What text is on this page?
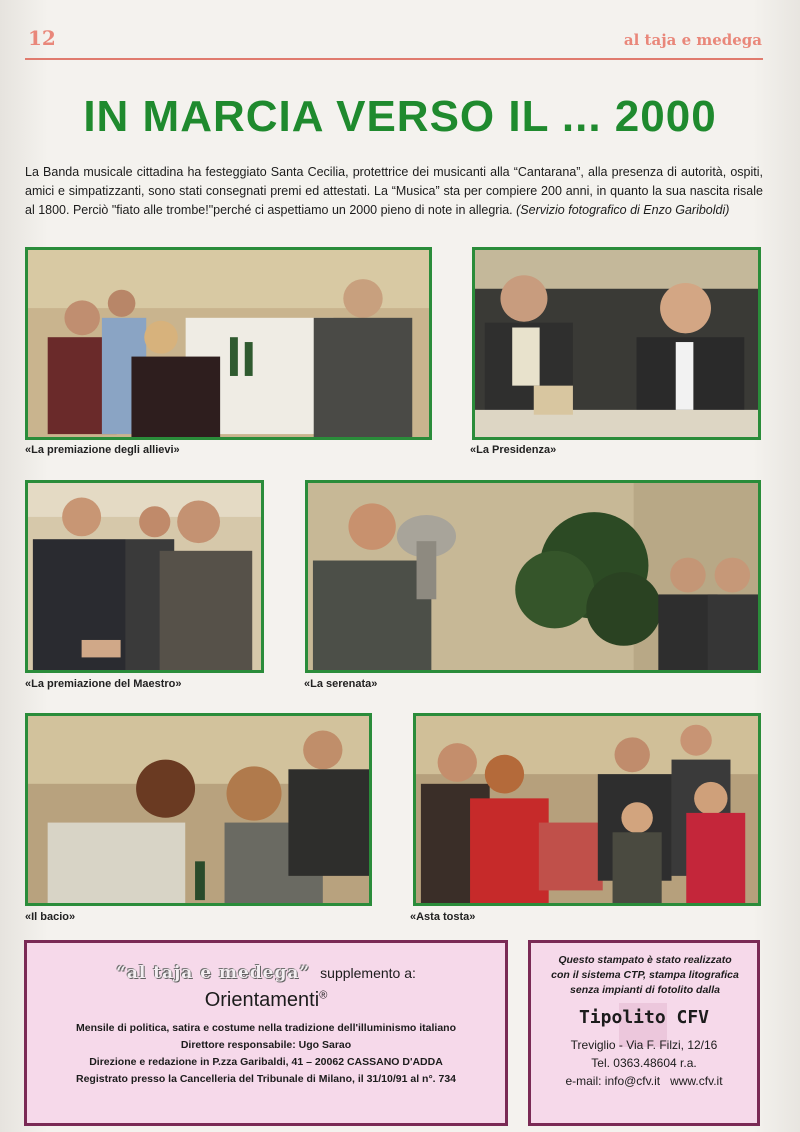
12	al taja e medega
IN MARCIA VERSO IL ... 2000
La Banda musicale cittadina ha festeggiato Santa Cecilia, protettrice dei musicanti alla “Cantarana”, alla presenza di autorità, ospiti, amici e simpatizzanti, sono stati consegnati premi ed attestati. La “Musica” sta per compiere 200 anni, in quanto la sua nascita risale al 1800. Perciò "fiato alle trombe!"perché ci aspettiamo un 2000 pieno di note in allegria. (Servizio fotografico di Enzo Gariboldi)
«La premiazione degli allievi»	«La Presidenza»
«La premiazione del Maestro»	«La serenata»
«Il bacio»	«Asta tosta»
“al taja e medega” supplemento a:
Orientamenti®
Mensile di politica, satira e costume nella tradizione dell'illuminismo italiano
Direttore responsabile: Ugo Sarao
Direzione e redazione in P.zza Garibaldi, 41 – 20062 CASSANO D'ADDA
Registrato presso la Cancelleria del Tribunale di Milano, il 31/10/91 al n°. 734
Questo stampato è stato realizzato
con il sistema CTP, stampa litografica
senza impianti di fotolito dalla
Tipolito CFV
Treviglio - Via F. Filzi, 12/16
Tel. 0363.48604 r.a.
e-mail: info@cfv.it   www.cfv.it
